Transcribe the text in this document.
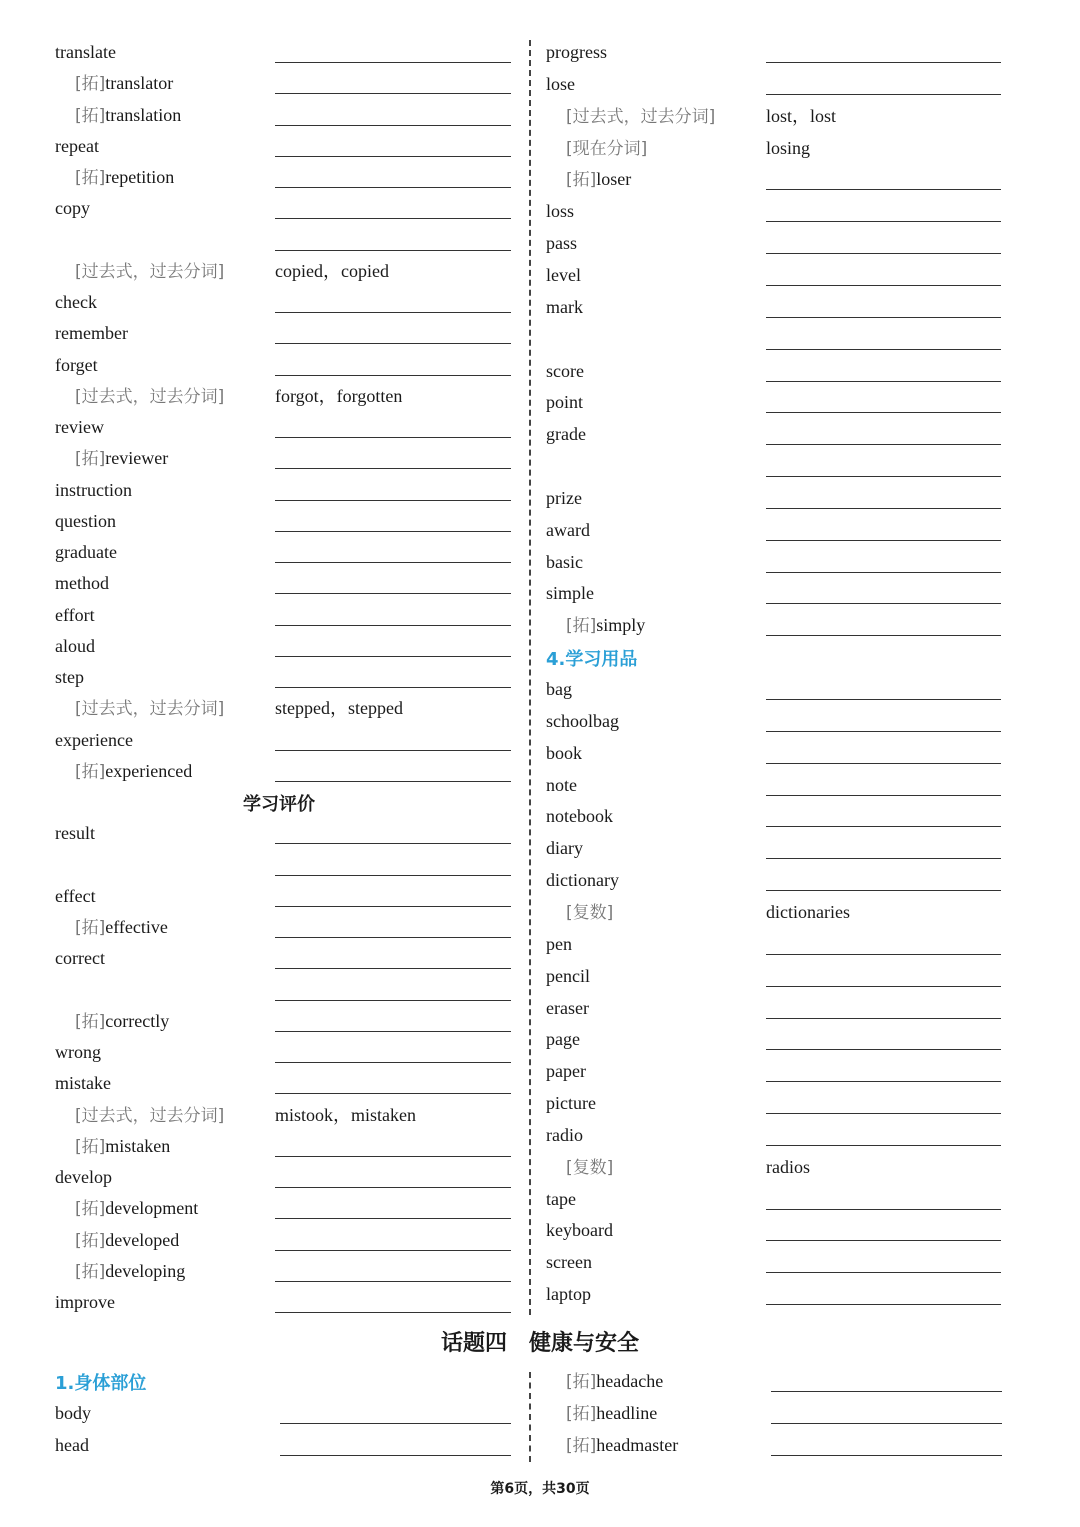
translate
[拓]translator
[拓]translation
repeat
[拓]repetition
copy
[过去式，过去分词]	copied，copied
check
remember
forget
[过去式，过去分词]	forgot，forgotten
review
[拓]reviewer
instruction
question
graduate
method
effort
aloud
step
[过去式，过去分词]	stepped，stepped
experience
[拓]experienced
学习评价
result
effect
[拓]effective
correct
[拓]correctly
wrong
mistake
[过去式，过去分词]	mistook，mistaken
[拓]mistaken
develop
[拓]development
[拓]developed
[拓]developing
improve
progress
lose
[过去式，过去分词]	lost，lost
[现在分词]	losing
[拓]loser
loss
pass
level
mark
score
point
grade
prize
award
basic
simple
[拓]simply
4.学习用品
bag
schoolbag
book
note
notebook
diary
dictionary
[复数]	dictionaries
pen
pencil
eraser
page
paper
picture
radio
[复数]	radios
tape
keyboard
screen
laptop
话题四　健康与安全
1.身体部位
body
head
[拓]headache
[拓]headline
[拓]headmaster
第6页，共30页
